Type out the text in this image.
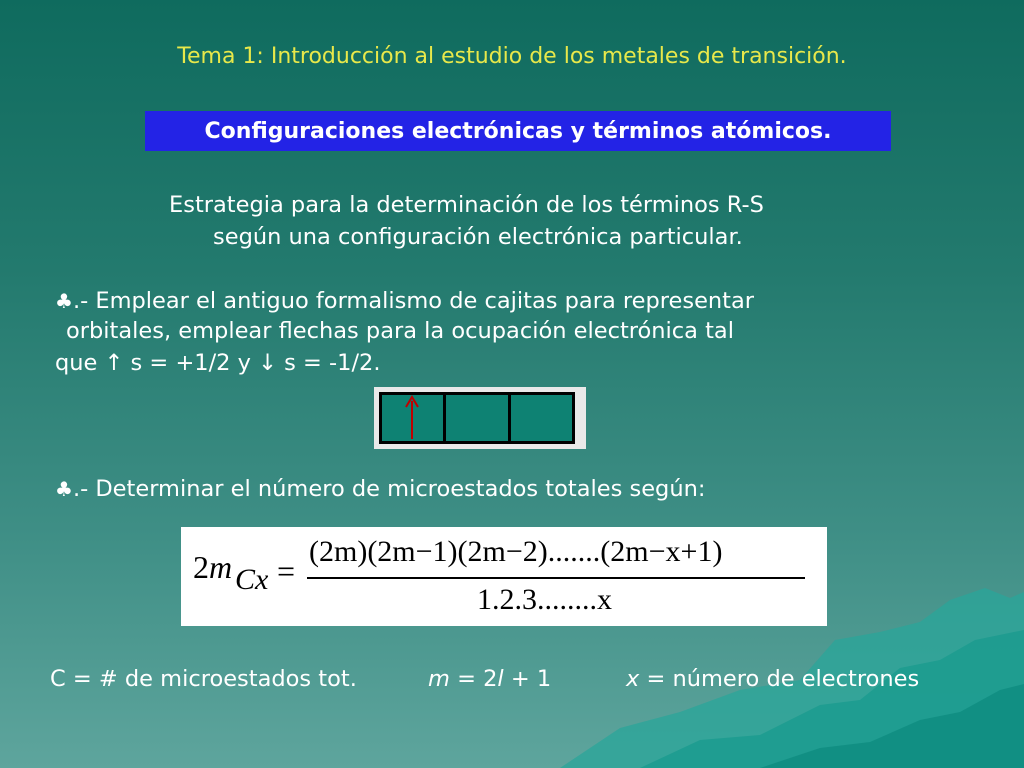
Tema 1: Introducción al estudio de los metales de transición.
Configuraciones electrónicas y términos atómicos.
Estrategia para la determinación de los términos R-S
según una configuración electrónica particular.
♣.- Emplear el antiguo formalismo de cajitas para representar
orbitales, emplear flechas para la ocupación electrónica tal
que ↑ s = +1/2 y ↓ s = -1/2.
♣.- Determinar el número de microestados totales según:
2 m Cx =
(2m)(2m−1)(2m−2).......(2m−x+1)
1.2.3........x
C = # de microestados tot.	m = 2l + 1	x = número de electrones
